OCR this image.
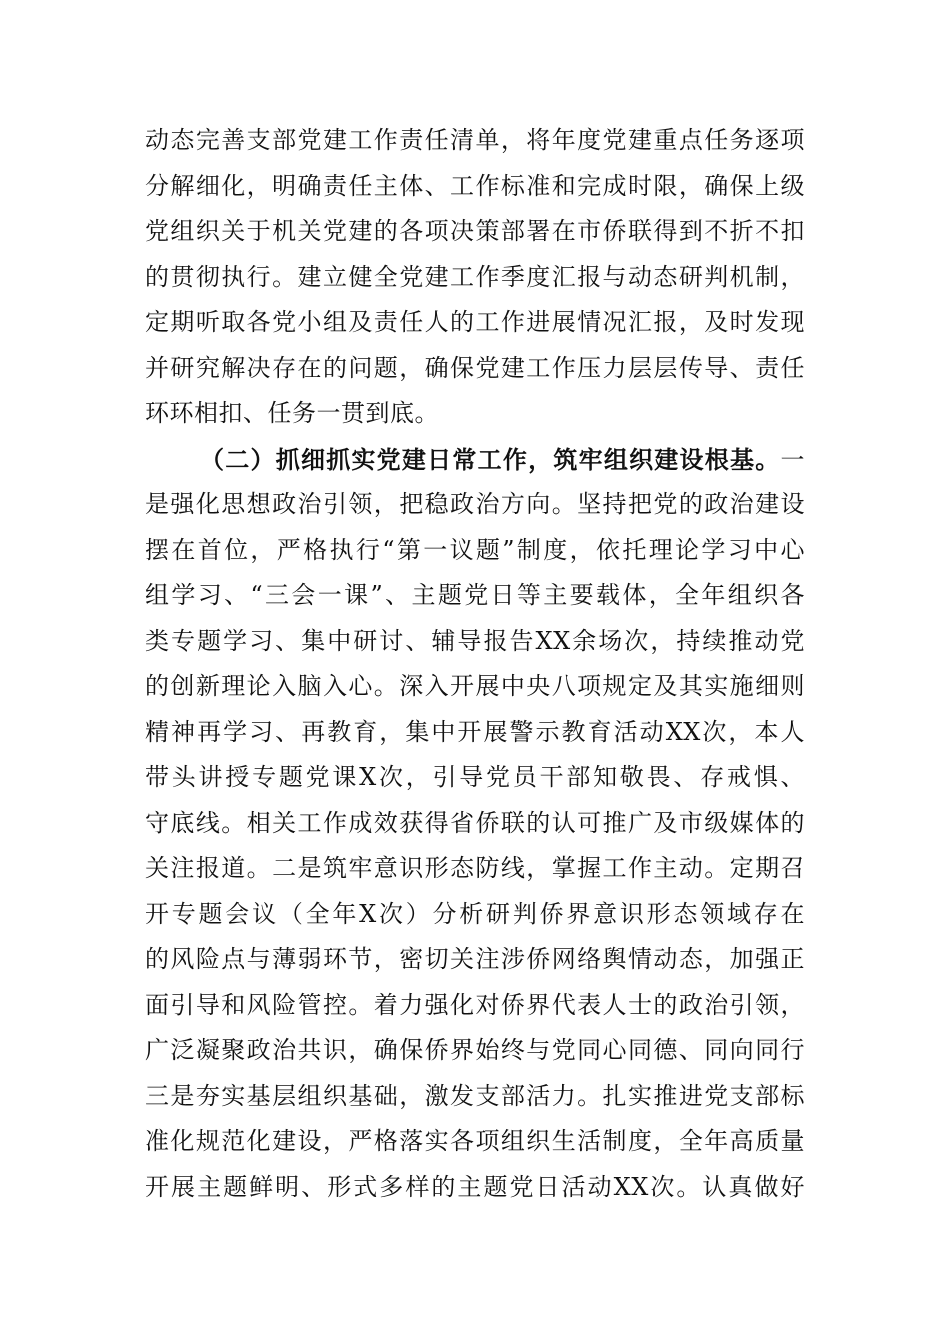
动态完善支部党建工作责任清单，将年度党建重点任务逐项
分解细化，明确责任主体、工作标准和完成时限，确保上级
党组织关于机关党建的各项决策部署在市侨联得到不折不扣
的贯彻执行。建立健全党建工作季度汇报与动态研判机制，
定期听取各党小组及责任人的工作进展情况汇报，及时发现
并研究解决存在的问题，确保党建工作压力层层传导、责任
环环相扣、任务一贯到底。
（二）抓细抓实党建日常工作，筑牢组织建设根基。一
是强化思想政治引领，把稳政治方向。坚持把党的政治建设
摆在首位，严格执行“第一议题”制度，依托理论学习中心
组学习、“三会一课”、主题党日等主要载体，全年组织各
类专题学习、集中研讨、辅导报告XX余场次，持续推动党
的创新理论入脑入心。深入开展中央八项规定及其实施细则
精神再学习、再教育，集中开展警示教育活动XX次，本人
带头讲授专题党课X次，引导党员干部知敬畏、存戒惧、
守底线。相关工作成效获得省侨联的认可推广及市级媒体的
关注报道。二是筑牢意识形态防线，掌握工作主动。定期召
开专题会议（全年X次）分析研判侨界意识形态领域存在
的风险点与薄弱环节，密切关注涉侨网络舆情动态，加强正
面引导和风险管控。着力强化对侨界代表人士的政治引领，
广泛凝聚政治共识，确保侨界始终与党同心同德、同向同行
三是夯实基层组织基础，激发支部活力。扎实推进党支部标
准化规范化建设，严格落实各项组织生活制度，全年高质量
开展主题鲜明、形式多样的主题党日活动XX次。认真做好
